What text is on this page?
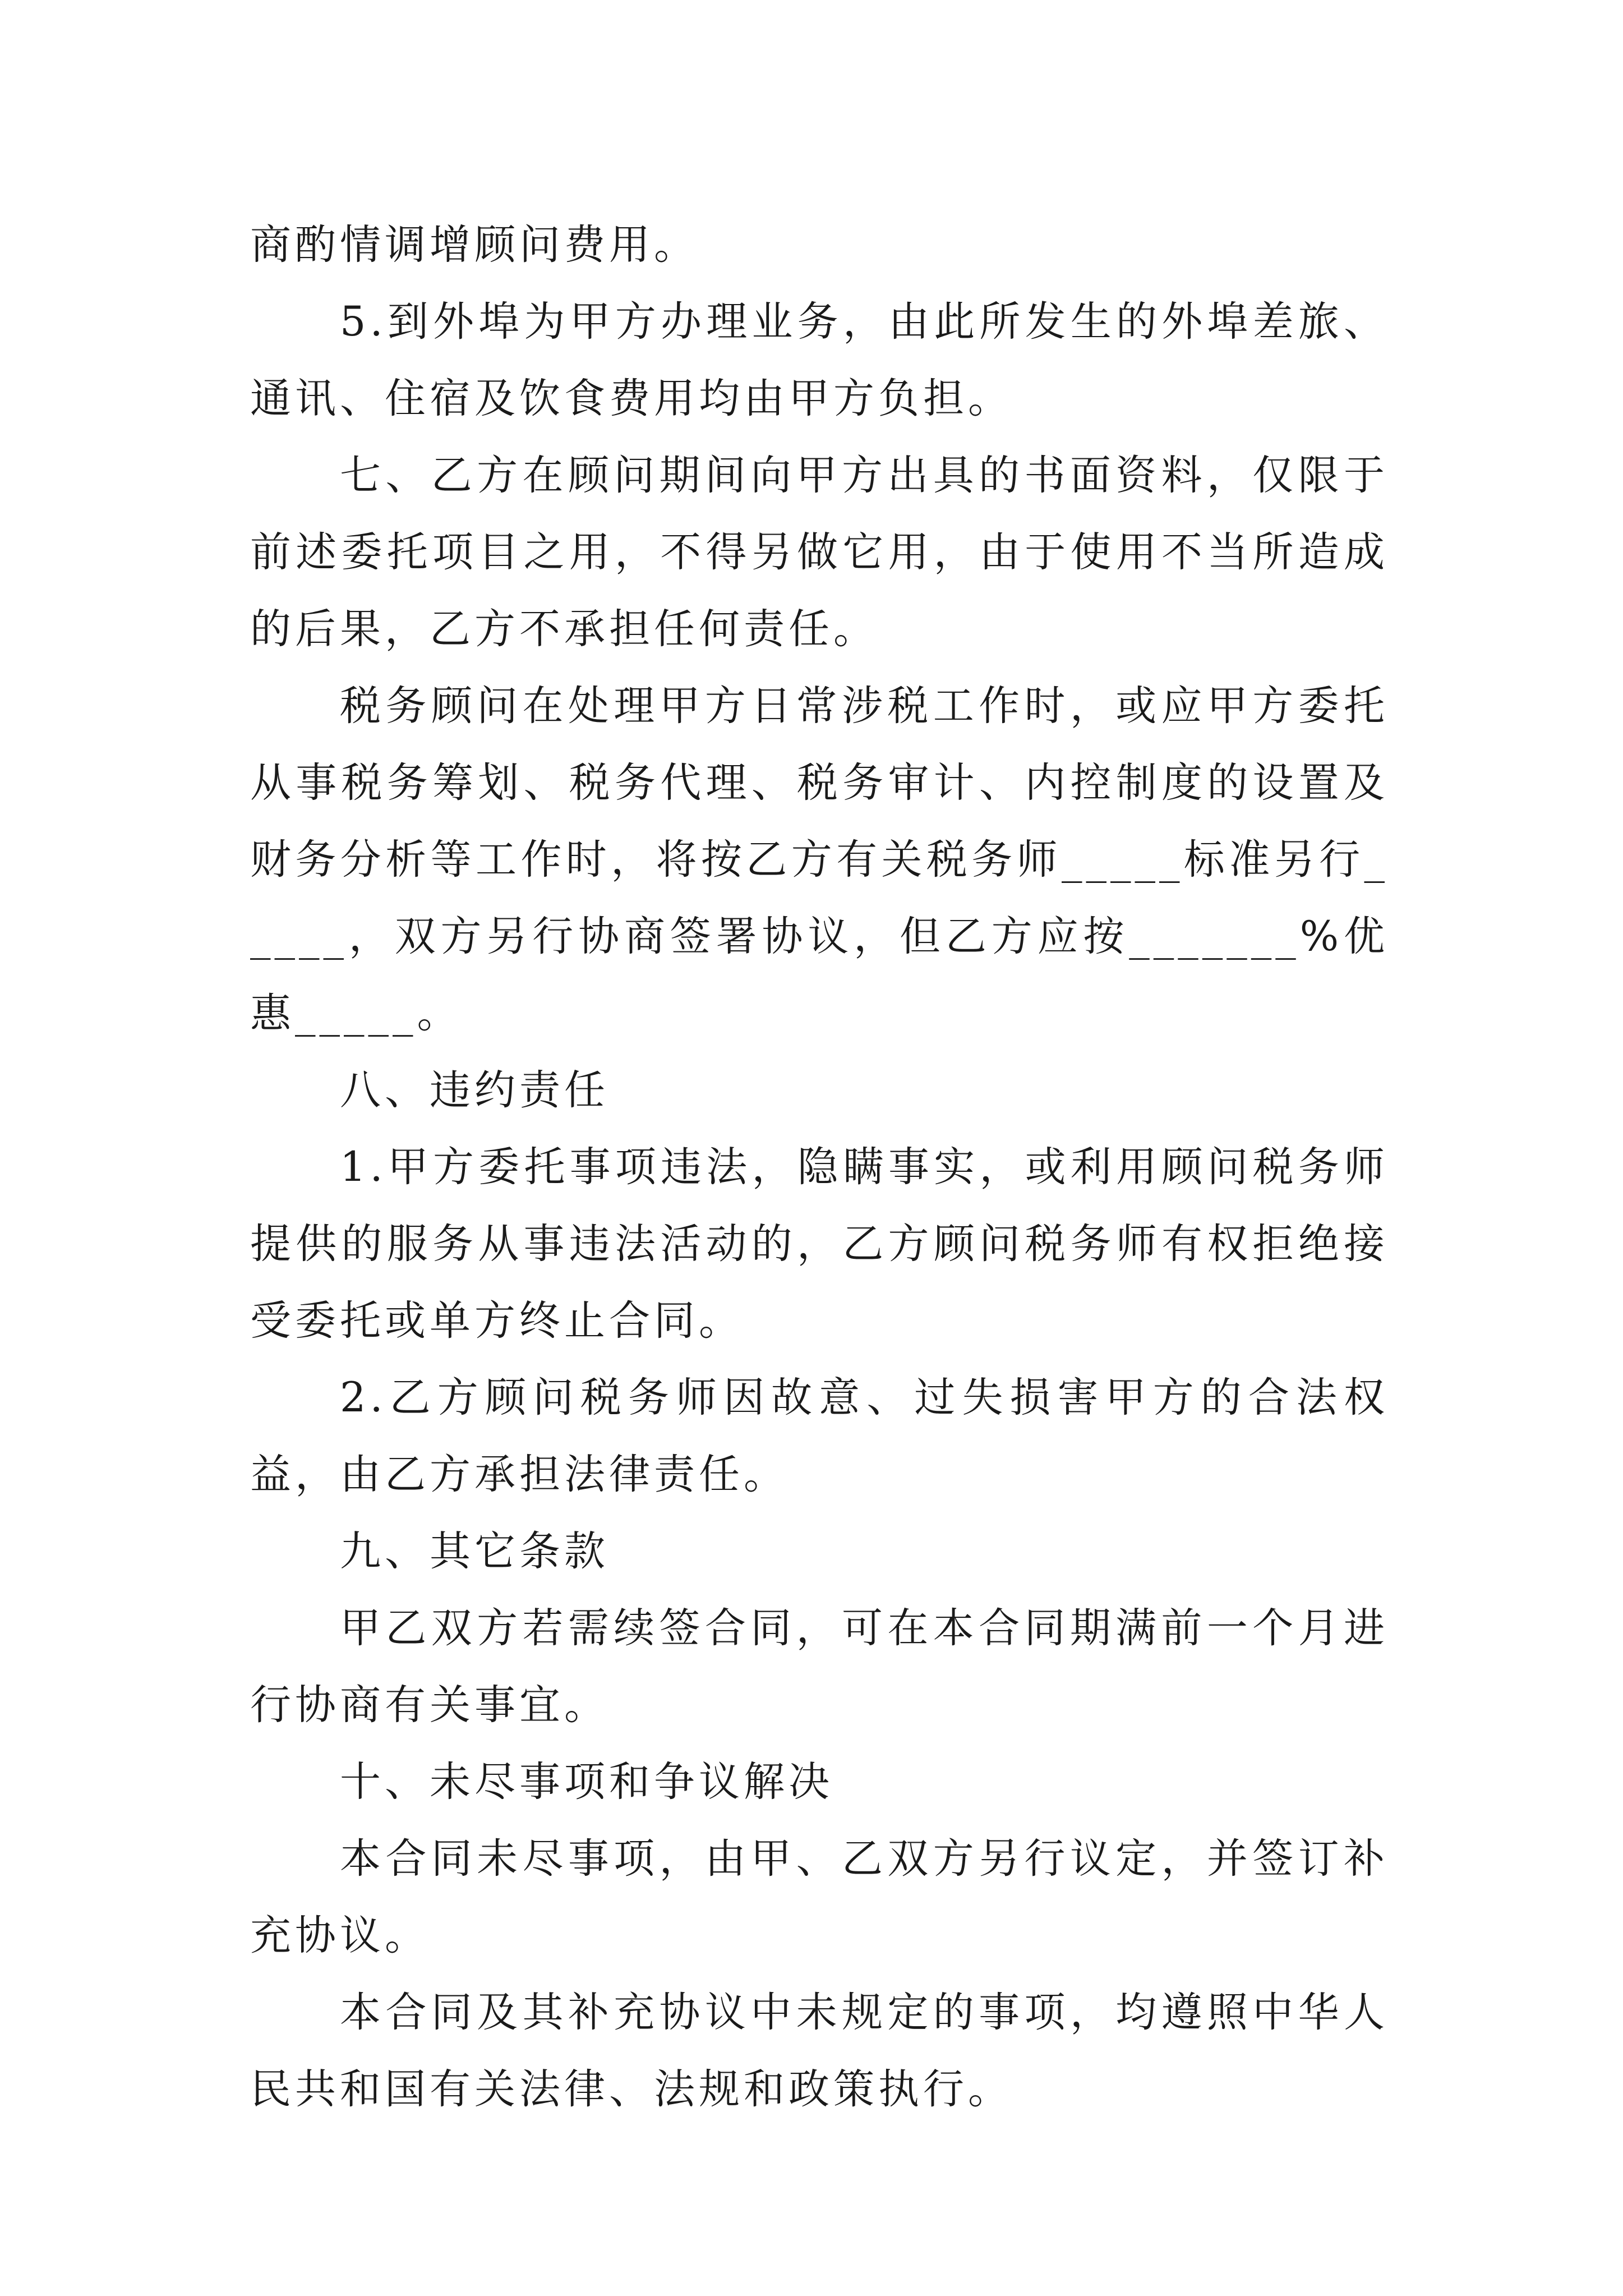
商酌情调增顾问费用。

5.到外埠为甲方办理业务，由此所发生的外埠差旅、通讯、住宿及饮食费用均由甲方负担。

七、乙方在顾问期间向甲方出具的书面资料，仅限于前述委托项目之用，不得另做它用，由于使用不当所造成的后果，乙方不承担任何责任。

税务顾问在处理甲方日常涉税工作时，或应甲方委托从事税务筹划、税务代理、税务审计、内控制度的设置及财务分析等工作时，将按乙方有关税务师_____标准另行_____，双方另行协商签署协议，但乙方应按_______%优惠_____。

八、违约责任

1.甲方委托事项违法，隐瞒事实，或利用顾问税务师提供的服务从事违法活动的，乙方顾问税务师有权拒绝接受委托或单方终止合同。

2.乙方顾问税务师因故意、过失损害甲方的合法权益，由乙方承担法律责任。

九、其它条款

甲乙双方若需续签合同，可在本合同期满前一个月进行协商有关事宜。

十、未尽事项和争议解决

本合同未尽事项，由甲、乙双方另行议定，并签订补充协议。

本合同及其补充协议中未规定的事项，均遵照中华人民共和国有关法律、法规和政策执行。
